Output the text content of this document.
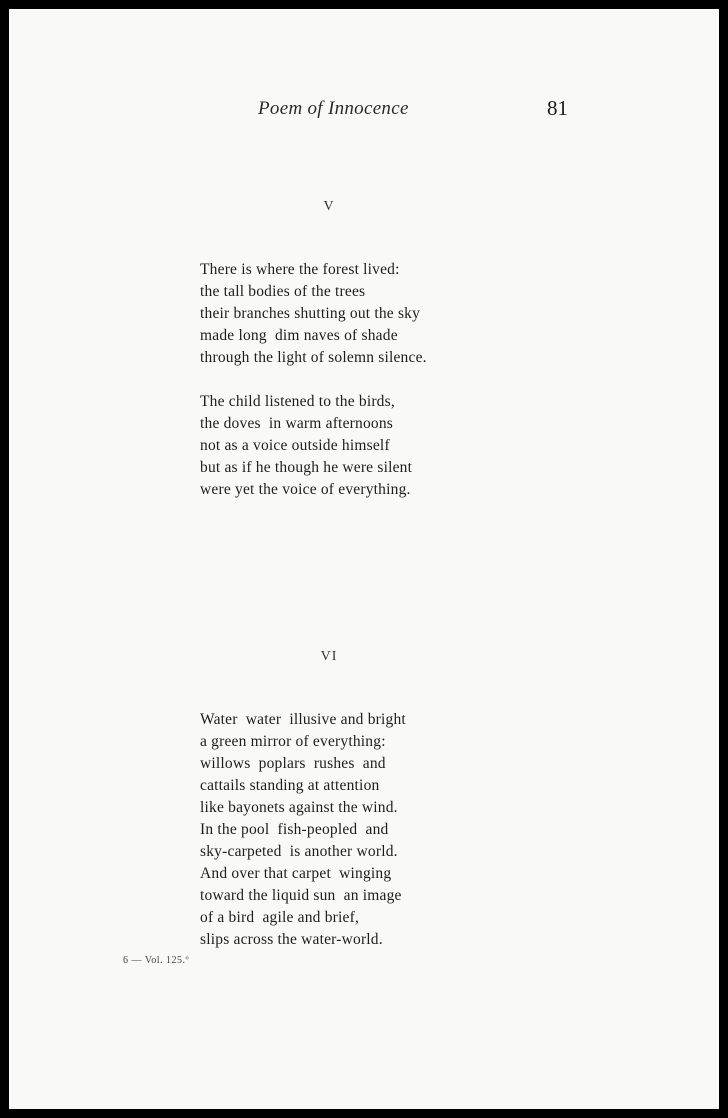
Poem of Innocence	81
V
There is where the forest lived:
the tall bodies of the trees
their branches shutting out the sky
made long  dim naves of shade
through the light of solemn silence.
The child listened to the birds,
the doves  in warm afternoons
not as a voice outside himself
but as if he though he were silent
were yet the voice of everything.
VI
Water  water  illusive and bright
a green mirror of everything:
willows  poplars  rushes  and
cattails standing at attention
like bayonets against the wind.
In the pool  fish-peopled  and
sky-carpeted  is another world.
And over that carpet  winging
toward the liquid sun  an image
of a bird  agile and brief,
slips across the water-world.
6 — Vol. 125.º
